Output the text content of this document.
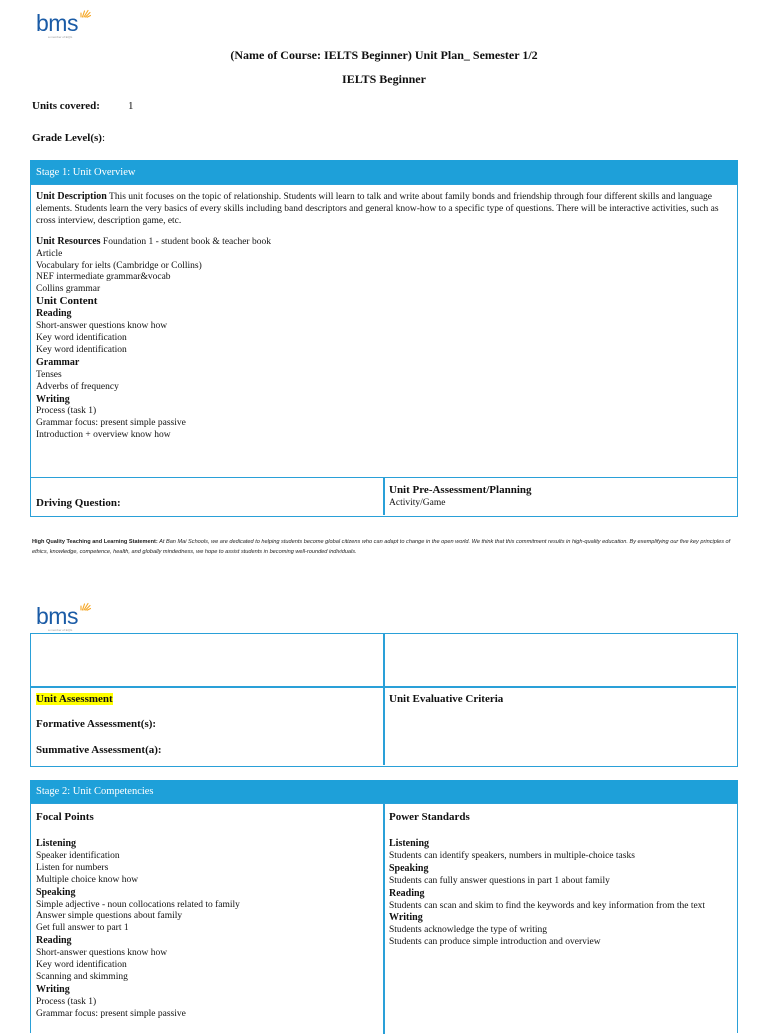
bms
a member of EQG
(Name of Course: IELTS Beginner) Unit Plan_ Semester 1/2
IELTS Beginner
Units covered:	1
Grade Level(s):
Stage 1: Unit Overview
Unit Description This unit focuses on the topic of relationship. Students will learn to talk and write about family bonds and friendship through four different skills and language elements. Students learn the very basics of every skills including band descriptors and general know-how to a specific type of questions. There will be interactive activities, such as cross interview, description game, etc.
Unit Resources Foundation 1 - student book & teacher book
Article
Vocabulary for ielts (Cambridge or Collins)
NEF intermediate grammar&vocab
Collins grammar
Unit Content
Reading
Short-answer questions know how
Key word identification
Key word identification
Grammar
Tenses
Adverbs of frequency
Writing
Process (task 1)
Grammar focus: present simple passive
Introduction + overview know how
Driving Question:
Unit Pre-Assessment/Planning
Activity/Game
High Quality Teaching and Learning Statement: At Ban Mai Schools, we are dedicated to helping students become global citizens who can adapt to change in the open world. We think that this commitment results in high-quality education. By exemplifying our five key principles of ethics, knowledge, competence, health, and globally mindedness, we hope to assist students in becoming well-rounded individuals.
bms
a member of EQG
Unit Assessment
Formative Assessment(s):
Summative Assessment(a):
Unit Evaluative Criteria
Stage 2: Unit Competencies
Focal Points	Power Standards
Listening
Speaker identification
Listen for numbers
Multiple choice know how
Speaking
Simple adjective - noun collocations related to family
Answer simple questions about family
Get full answer to part 1
Reading
Short-answer questions know how
Key word identification
Scanning and skimming
Writing
Process (task 1)
Grammar focus: present simple passive
Listening
Students can identify speakers, numbers in multiple-choice tasks
Speaking
Students can fully answer questions in part 1 about family
Reading
Students can scan and skim to find the keywords and key information from the text
Writing
Students acknowledge the type of writing
Students can produce simple introduction and overview
